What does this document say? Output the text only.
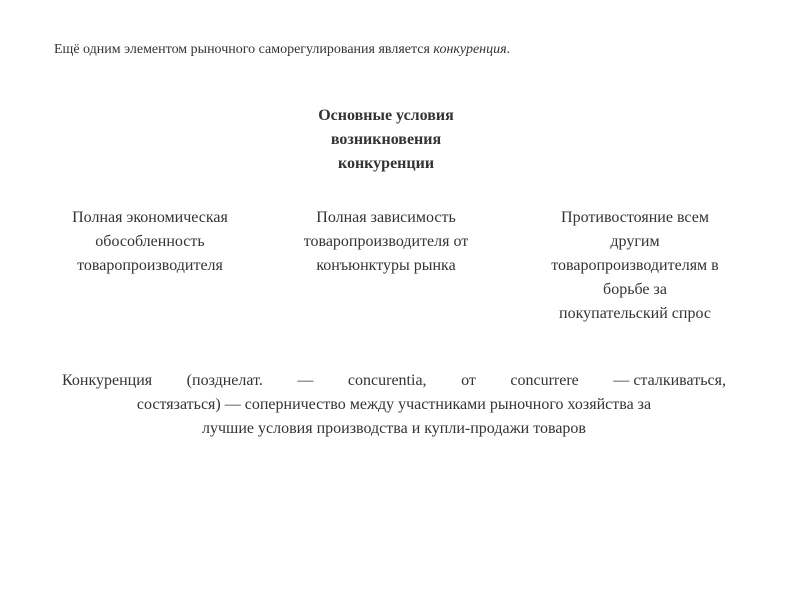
Ещё одним элементом рыночного саморегулирования является конкуренция.
Основные условия
возникновения
конкуренции
Полная экономическая
обособленность
товаропроизводителя
Полная зависимость
товаропроизводителя от
конъюнктуры рынка
Противостояние всем
другим
товаропроизводителям в
борьбе за
покупательский спрос
Конкуренция (позднелат. — concurentia, от concurrere — сталкиваться,
состязаться) — соперничество между участниками рыночного хозяйства за
лучшие условия производства и купли-продажи товаров
